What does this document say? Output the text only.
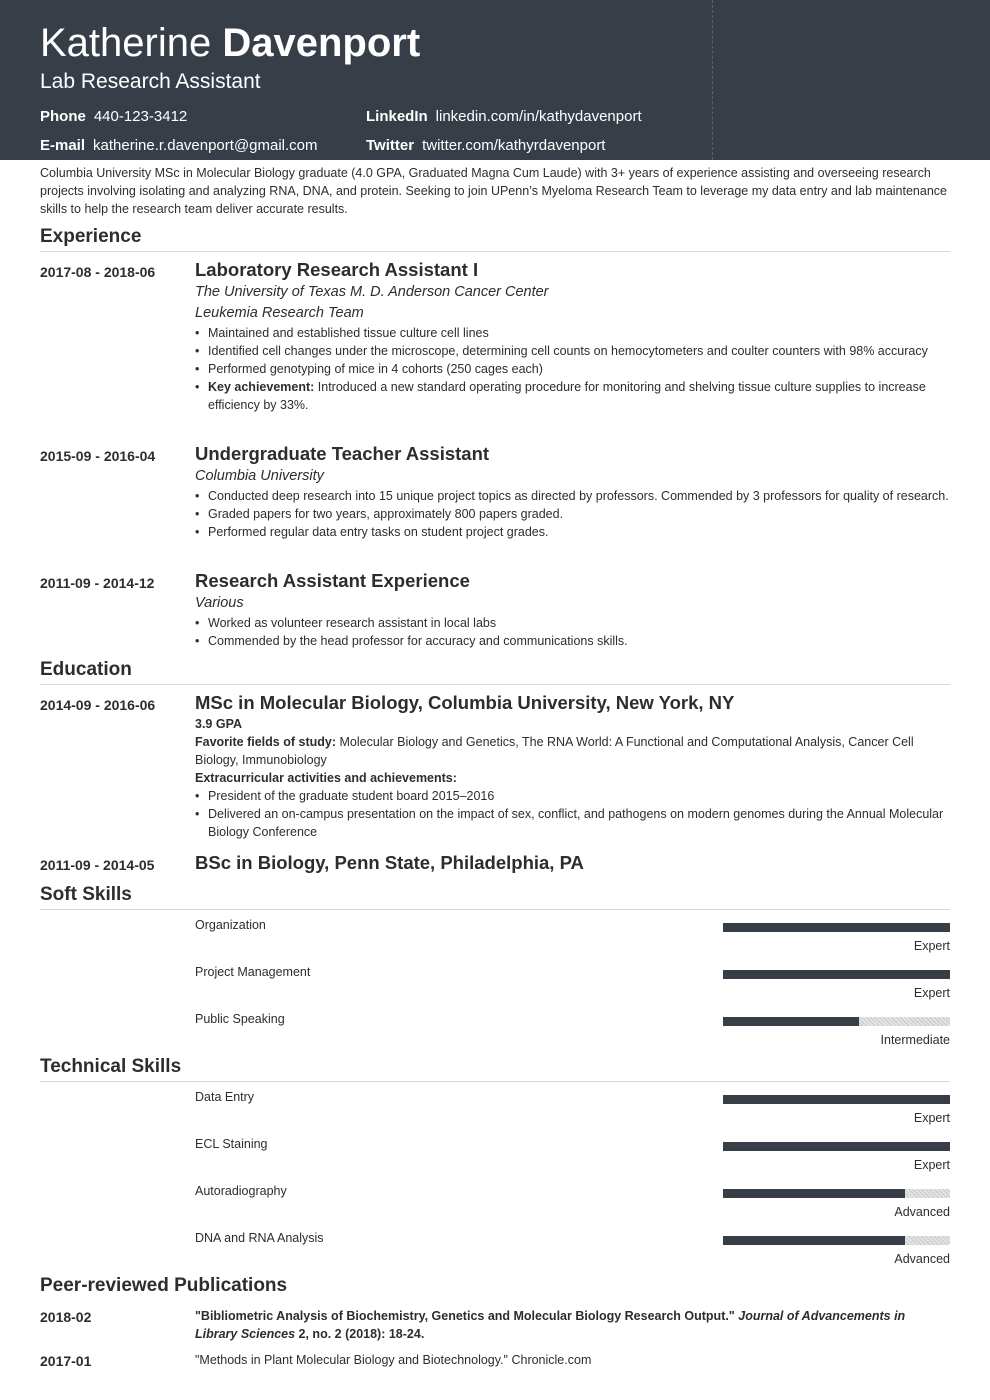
Katherine Davenport
Lab Research Assistant
Phone 440-123-3412
E-mail katherine.r.davenport@gmail.com
LinkedIn linkedin.com/in/kathydavenport
Twitter twitter.com/kathyrdavenport
Columbia University MSc in Molecular Biology graduate (4.0 GPA, Graduated Magna Cum Laude) with 3+ years of experience assisting and overseeing research projects involving isolating and analyzing RNA, DNA, and protein. Seeking to join UPenn’s Myeloma Research Team to leverage my data entry and lab maintenance skills to help the research team deliver accurate results.
Experience
2017-08 - 2018-06 Laboratory Research Assistant I
The University of Texas M. D. Anderson Cancer Center
Leukemia Research Team
• Maintained and established tissue culture cell lines
• Identified cell changes under the microscope, determining cell counts on hemocytometers and coulter counters with 98% accuracy
• Performed genotyping of mice in 4 cohorts (250 cages each)
• Key achievement: Introduced a new standard operating procedure for monitoring and shelving tissue culture supplies to increase efficiency by 33%.
2015-09 - 2016-04 Undergraduate Teacher Assistant
Columbia University
• Conducted deep research into 15 unique project topics as directed by professors. Commended by 3 professors for quality of research.
• Graded papers for two years, approximately 800 papers graded.
• Performed regular data entry tasks on student project grades.
2011-09 - 2014-12 Research Assistant Experience
Various
• Worked as volunteer research assistant in local labs
• Commended by the head professor for accuracy and communications skills.
Education
2014-09 - 2016-06 MSc in Molecular Biology, Columbia University, New York, NY
3.9 GPA
Favorite fields of study: Molecular Biology and Genetics, The RNA World: A Functional and Computational Analysis, Cancer Cell Biology, Immunobiology
Extracurricular activities and achievements:
• President of the graduate student board 2015–2016
• Delivered an on-campus presentation on the impact of sex, conflict, and pathogens on modern genomes during the Annual Molecular Biology Conference
2011-09 - 2014-05 BSc in Biology, Penn State, Philadelphia, PA
Soft Skills
Organization
Expert
Project Management
Expert
Public Speaking
Intermediate
Technical Skills
Data Entry
Expert
ECL Staining
Expert
Autoradiography
Advanced
DNA and RNA Analysis
Advanced
Peer-reviewed Publications
2018-02	"Bibliometric Analysis of Biochemistry, Genetics and Molecular Biology Research Output." Journal of Advancements in Library Sciences 2, no. 2 (2018): 18-24.
2017-01	"Methods in Plant Molecular Biology and Biotechnology." Chronicle.com
